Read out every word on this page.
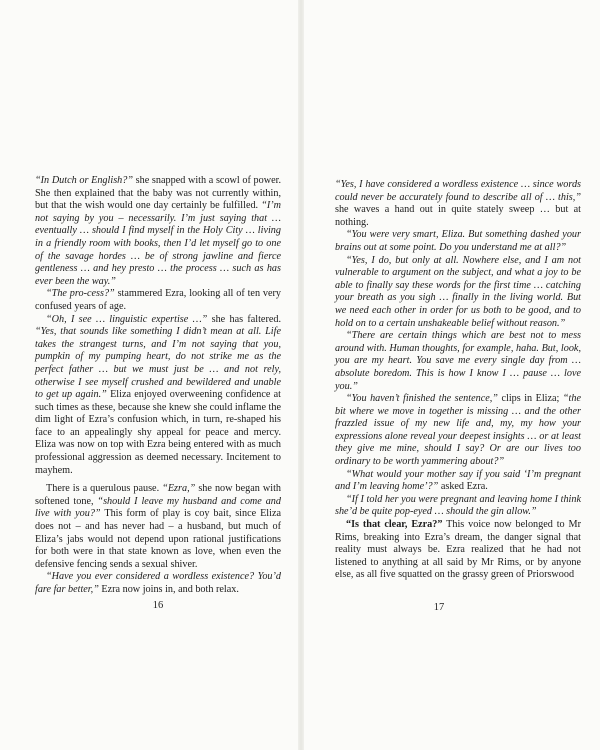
“In Dutch or English?” she snapped with a scowl of power. She then explained that the baby was not currently within, but that the wish would one day certainly be fulfilled. “I’m not saying by you – necessarily. I’m just saying that … eventually … should I find myself in the Holy City … living in a friendly room with books, then I’d let myself go to one of the savage hordes … be of strong jawline and fierce gentleness … and hey presto … the process … such as has ever been the way.”

“The pro-cess?” stammered Ezra, looking all of ten very confused years of age.

“Oh, I see … linguistic expertise …” she has faltered. “Yes, that sounds like something I didn’t mean at all. Life takes the strangest turns, and I’m not saying that you, pumpkin of my pumping heart, do not strike me as the perfect father … but we must just be … and not rely, otherwise I see myself crushed and bewildered and unable to get up again.” Eliza enjoyed overweening confidence at such times as these, because she knew she could inflame the dim light of Ezra’s confusion which, in turn, re-shaped his face to an appealingly shy appeal for peace and mercy. Eliza was now on top with Ezra being entered with as much professional aggression as deemed necessary. Incitement to mayhem.

There is a querulous pause. “Ezra,” she now began with softened tone, “should I leave my husband and come and live with you?” This form of play is coy bait, since Eliza does not – and has never had – a husband, but much of Eliza’s jabs would not depend upon rational justifications for both were in that state known as love, when even the defensive fencing sends a sexual shiver.

“Have you ever considered a wordless existence? You’d fare far better,” Ezra now joins in, and both relax.

16

“Yes, I have considered a wordless existence … since words could never be accurately found to describe all of … this,” she waves a hand out in quite stately sweep … but at nothing.

“You were very smart, Eliza. But something dashed your brains out at some point. Do you understand me at all?”

“Yes, I do, but only at all. Nowhere else, and I am not vulnerable to argument on the subject, and what a joy to be able to finally say these words for the first time … catching your breath as you sigh … finally in the living world. But we need each other in order for us both to be good, and to hold on to a certain unshakeable belief without reason.”

“There are certain things which are best not to mess around with. Human thoughts, for example, haha. But, look, you are my heart. You save me every single day from … absolute boredom. This is how I know I … pause … love you.”

“You haven’t finished the sentence,” clips in Eliza; “the bit where we move in together is missing … and the other frazzled issue of my new life and, my, my how your expressions alone reveal your deepest insights … or at least they give me mine, should I say? Or are our lives too ordinary to be worth yammering about?”

“What would your mother say if you said ‘I’m pregnant and I’m leaving home’?” asked Ezra.

“If I told her you were pregnant and leaving home I think she’d be quite pop-eyed … should the gin allow.”

“Is that clear, Ezra?” This voice now belonged to Mr Rims, breaking into Ezra’s dream, the danger signal that reality must always be. Ezra realized that he had not listened to anything at all said by Mr Rims, or by anyone else, as all five squatted on the grassy green of Priorswood

17
